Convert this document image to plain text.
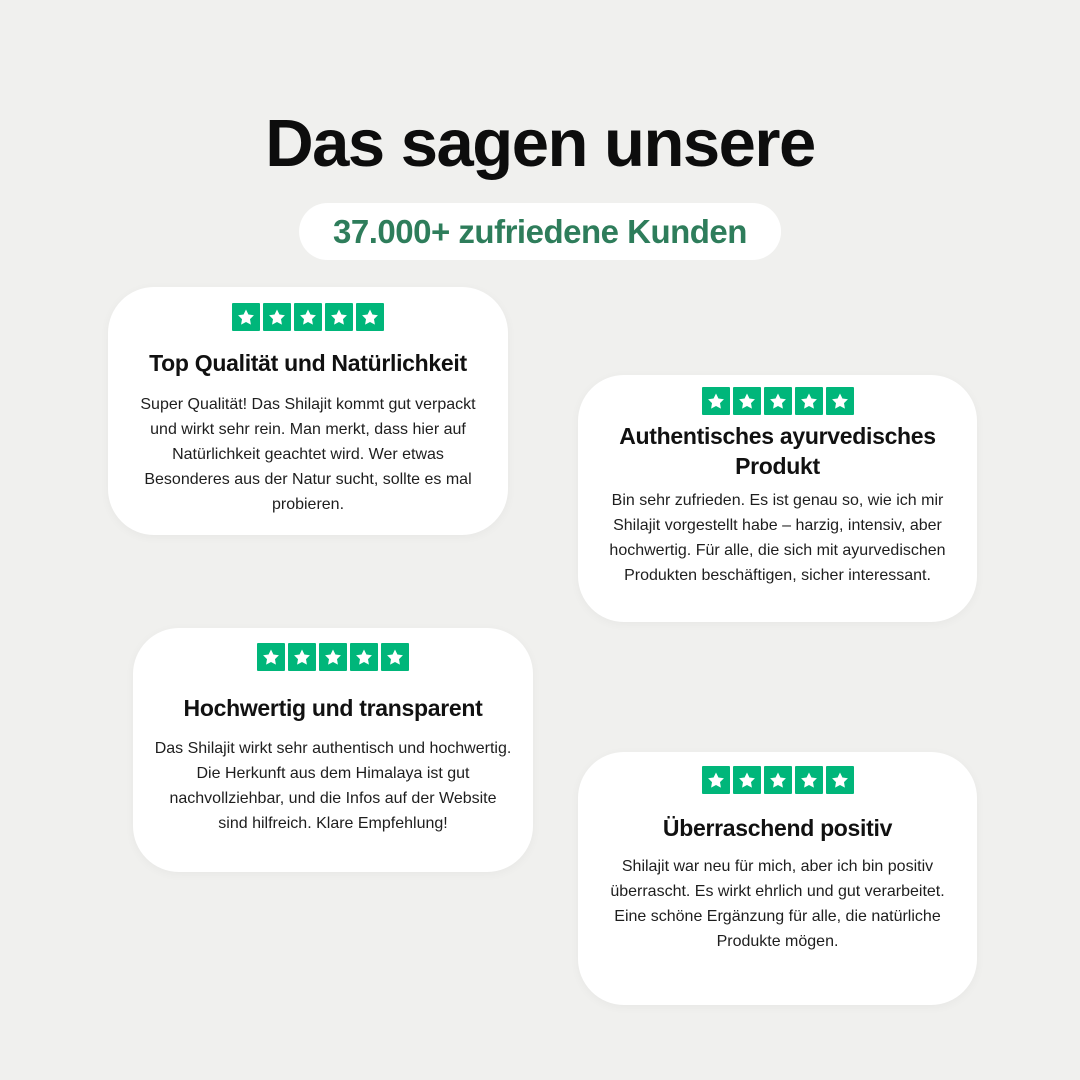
Das sagen unsere
37.000+ zufriedene Kunden
Top Qualität und Natürlichkeit

Super Qualität! Das Shilajit kommt gut verpackt und wirkt sehr rein. Man merkt, dass hier auf Natürlichkeit geachtet wird. Wer etwas Besonderes aus der Natur sucht, sollte es mal probieren.

Authentisches ayurvedisches Produkt

Bin sehr zufrieden. Es ist genau so, wie ich mir Shilajit vorgestellt habe – harzig, intensiv, aber hochwertig. Für alle, die sich mit ayurvedischen Produkten beschäftigen, sicher interessant.

Hochwertig und transparent

Das Shilajit wirkt sehr authentisch und hochwertig. Die Herkunft aus dem Himalaya ist gut nachvollziehbar, und die Infos auf der Website sind hilfreich. Klare Empfehlung!	Überraschend positiv

Shilajit war neu für mich, aber ich bin positiv überrascht. Es wirkt ehrlich und gut verarbeitet. Eine schöne Ergänzung für alle, die natürliche Produkte mögen.
